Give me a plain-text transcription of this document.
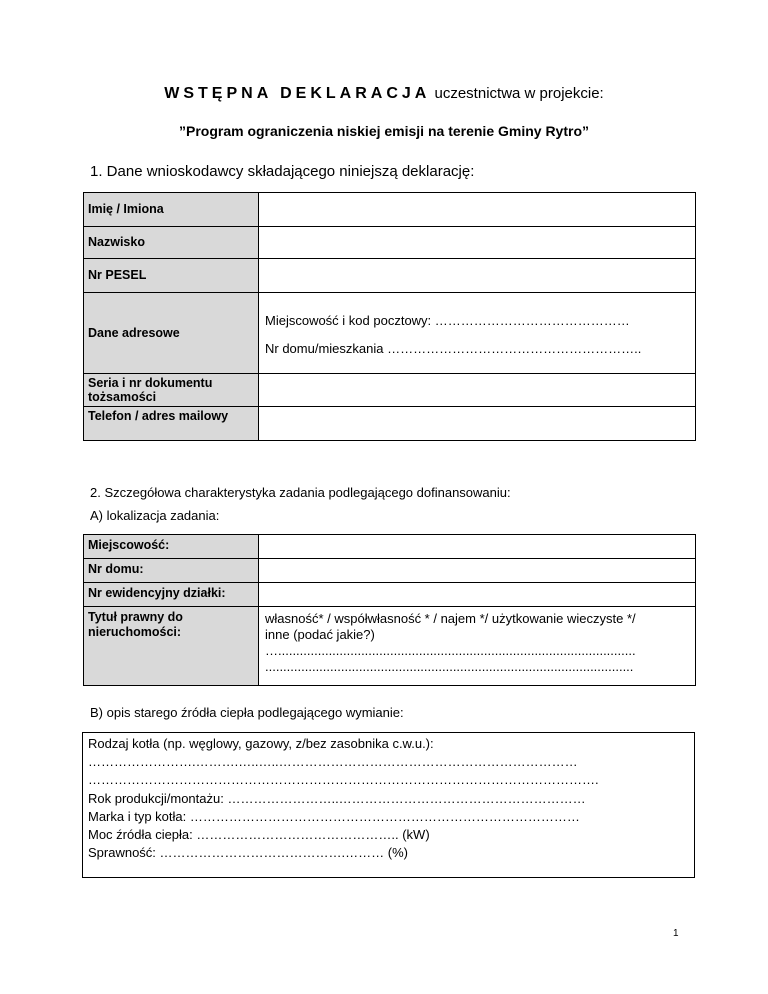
WSTĘPNA DEKLARACJA uczestnictwa w projekcie:
”Program ograniczenia niskiej emisji na terenie Gminy Rytro”
1. Dane wnioskodawcy składającego niniejszą deklarację:
Imię / Imiona	
Nazwisko	
Nr PESEL	
Dane adresowe	Miejscowość i kod pocztowy: ………………………………………
Nr domu/mieszkania …………………………………………………..

Seria i nr dokumentu tożsamości	
Telefon / adres mailowy	
2. Szczegółowa charakterystyka zadania podlegającego dofinansowaniu:
A) lokalizacja zadania:
Miejscowość:	
Nr domu:	
Nr ewidencyjny działki:	
Tytuł prawny do nieruchomości:	własność* / współwłasność * / najem */ użytkowanie wieczyste */
inne (podać jakie?)
…...................................................................................................
......................................................................................................
B) opis starego źródła ciepła podlegającego wymianie:
Rodzaj kotła (np. węglowy, gazowy, z/bez zasobnika c.w.u.):
…………………….……….…..…..……………………………………………………………
……………………………………………………………………………………………………….
Rok produkcji/montażu: ……………………..…………………………………………………
Marka i typ kotła: ………………………………………………………………………………
Moc źródła ciepła: ……………………………………….. (kW)
Sprawność: …………………………………….……… (%)
1
